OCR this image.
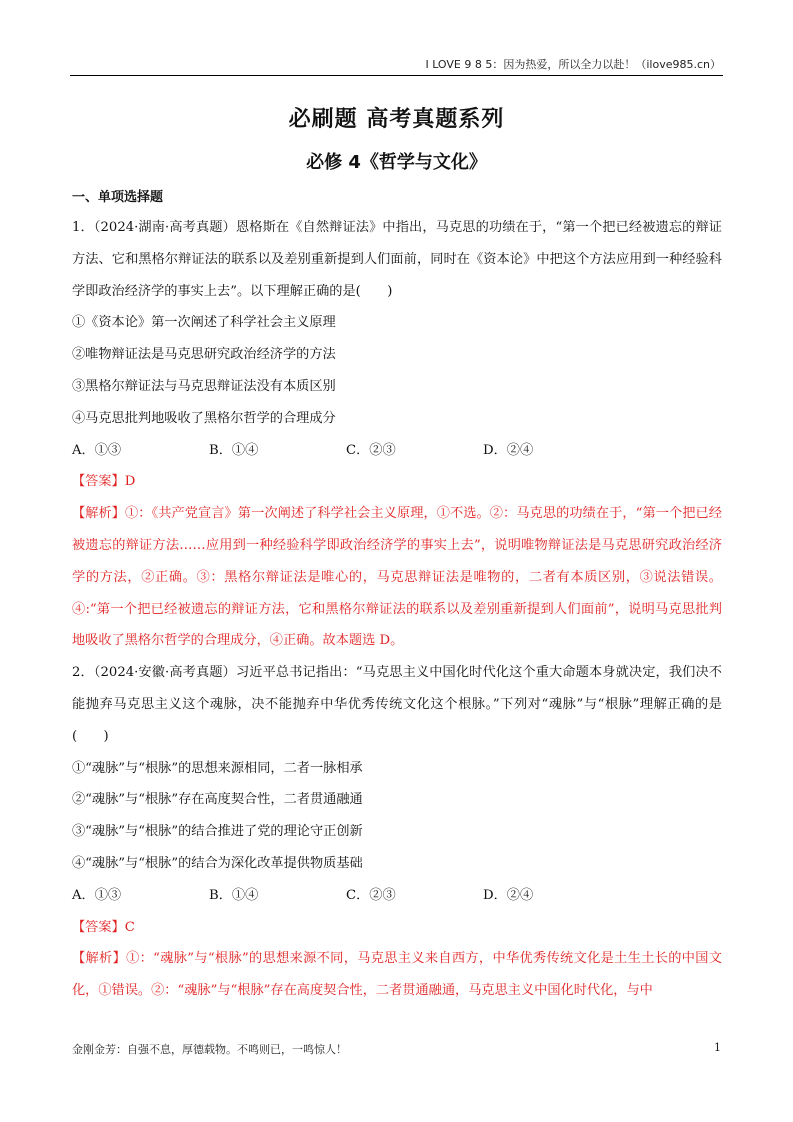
I LOVE 9 8 5：因为热爱，所以全力以赴！（ilove985.cn）
必刷题 高考真题系列
必修 4《哲学与文化》
一、单项选择题

1．（2024·湖南·高考真题）恩格斯在《自然辩证法》中指出，马克思的功绩在于，“第一个把已经被遗忘的辩证方法、它和黑格尔辩证法的联系以及差别重新提到人们面前，同时在《资本论》中把这个方法应用到一种经验科学即政治经济学的事实上去”。以下理解正确的是(　　)

①《资本论》第一次阐述了科学社会主义原理

②唯物辩证法是马克思研究政治经济学的方法

③黑格尔辩证法与马克思辩证法没有本质区别

④马克思批判地吸收了黑格尔哲学的合理成分

A．①③	B．①④	C．②③	D．②④

【答案】D

【解析】①：《共产党宣言》第一次阐述了科学社会主义原理，①不选。②：马克思的功绩在于，“第一个把已经被遗忘的辩证方法……应用到一种经验科学即政治经济学的事实上去”，说明唯物辩证法是马克思研究政治经济学的方法，②正确。③：黑格尔辩证法是唯心的，马克思辩证法是唯物的，二者有本质区别，③说法错误。④:“第一个把已经被遗忘的辩证方法，它和黑格尔辩证法的联系以及差别重新提到人们面前”，说明马克思批判地吸收了黑格尔哲学的合理成分，④正确。故本题选 D。

2．（2024·安徽·高考真题）习近平总书记指出：“马克思主义中国化时代化这个重大命题本身就决定，我们决不能抛弃马克思主义这个魂脉，决不能抛弃中华优秀传统文化这个根脉。”下列对“魂脉”与“根脉”理解正确的是(　　)

①“魂脉”与“根脉”的思想来源相同，二者一脉相承

②“魂脉”与“根脉”存在高度契合性，二者贯通融通

③“魂脉”与“根脉”的结合推进了党的理论守正创新

④“魂脉”与“根脉”的结合为深化改革提供物质基础

A．①③	B．①④	C．②③	D．②④

【答案】C

【解析】①：“魂脉”与“根脉”的思想来源不同，马克思主义来自西方，中华优秀传统文化是土生土长的中国文化，①错误。②：“魂脉”与“根脉”存在高度契合性，二者贯通融通，马克思主义中国化时代化，与中

金刚金芳：自强不息，厚德载物。不鸣则已，一鸣惊人！	1
